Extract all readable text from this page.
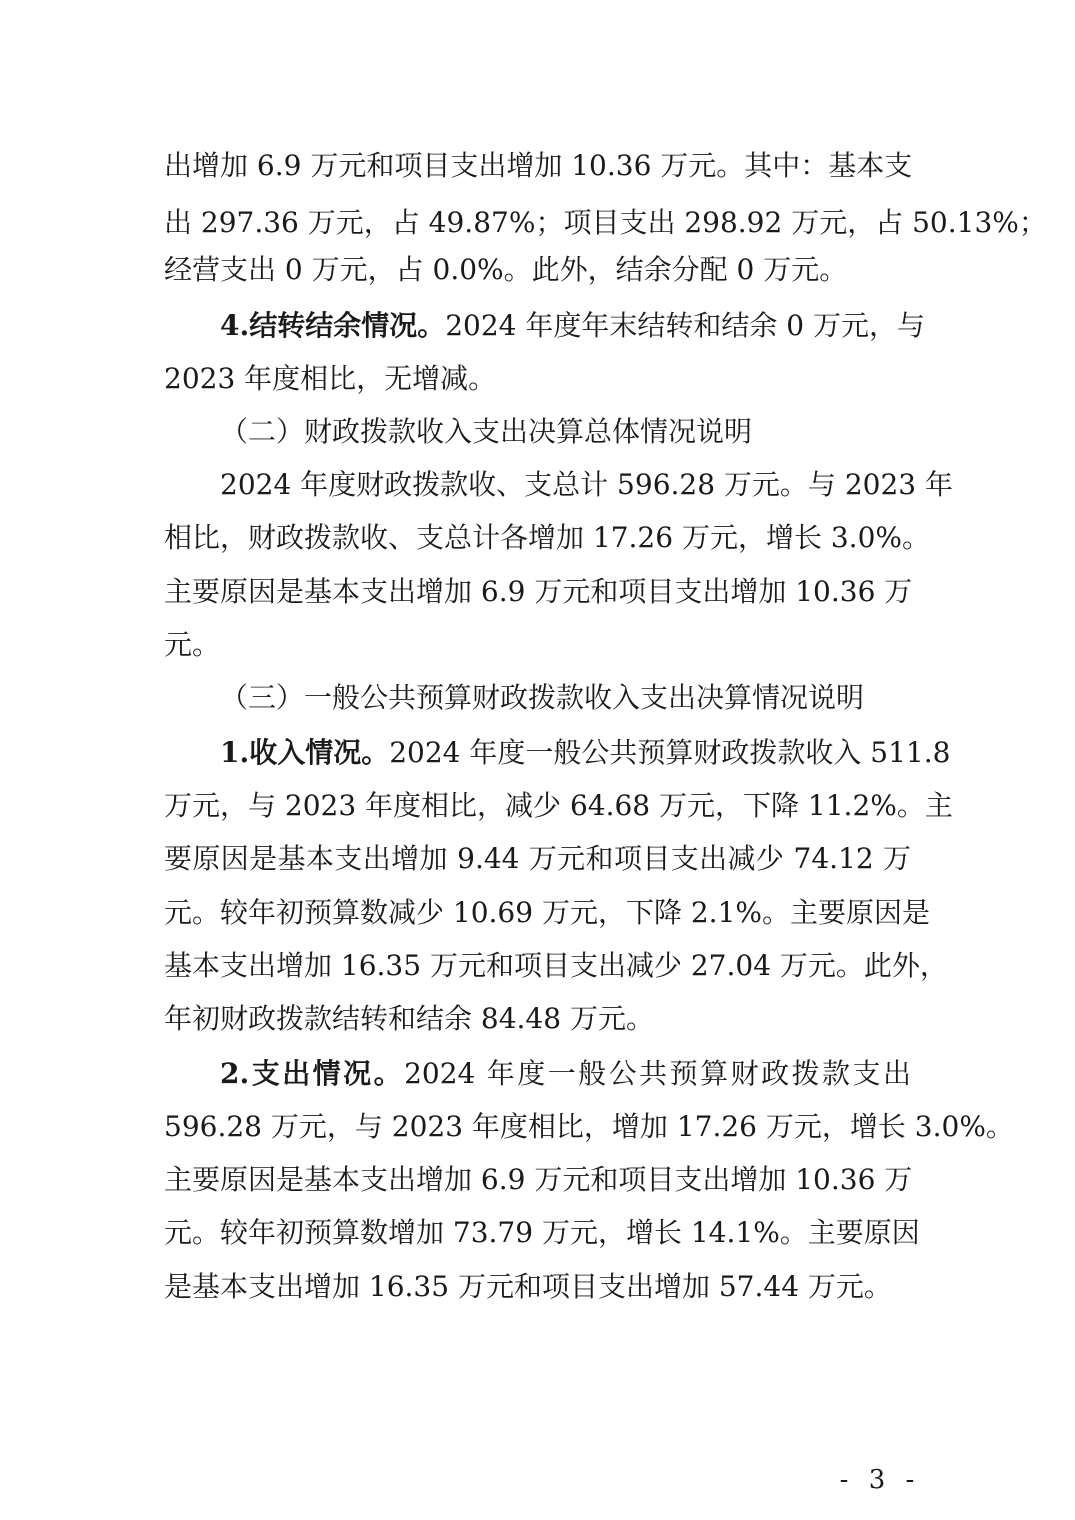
出增加 6.9 万元和项目支出增加 10.36 万元。其中：基本支
出 297.36 万元，占 49.87%；项目支出 298.92 万元，占 50.13%；
经营支出 0 万元，占 0.0%。此外，结余分配 0 万元。
4.结转结余情况。2024 年度年末结转和结余 0 万元，与
2023 年度相比，无增减。
（二）财政拨款收入支出决算总体情况说明
2024 年度财政拨款收、支总计 596.28 万元。与 2023 年
相比，财政拨款收、支总计各增加 17.26 万元，增长 3.0%。
主要原因是基本支出增加 6.9 万元和项目支出增加 10.36 万
元。
（三）一般公共预算财政拨款收入支出决算情况说明
1.收入情况。2024 年度一般公共预算财政拨款收入 511.8
万元，与 2023 年度相比，减少 64.68 万元，下降 11.2%。主
要原因是基本支出增加 9.44 万元和项目支出减少 74.12 万
元。较年初预算数减少 10.69 万元，下降 2.1%。主要原因是
基本支出增加 16.35 万元和项目支出减少 27.04 万元。此外，
年初财政拨款结转和结余 84.48 万元。
2.支出情况。2024 年度一般公共预算财政拨款支出
596.28 万元，与 2023 年度相比，增加 17.26 万元，增长 3.0%。
主要原因是基本支出增加 6.9 万元和项目支出增加 10.36 万
元。较年初预算数增加 73.79 万元，增长 14.1%。主要原因
是基本支出增加 16.35 万元和项目支出增加 57.44 万元。
- 3 -
